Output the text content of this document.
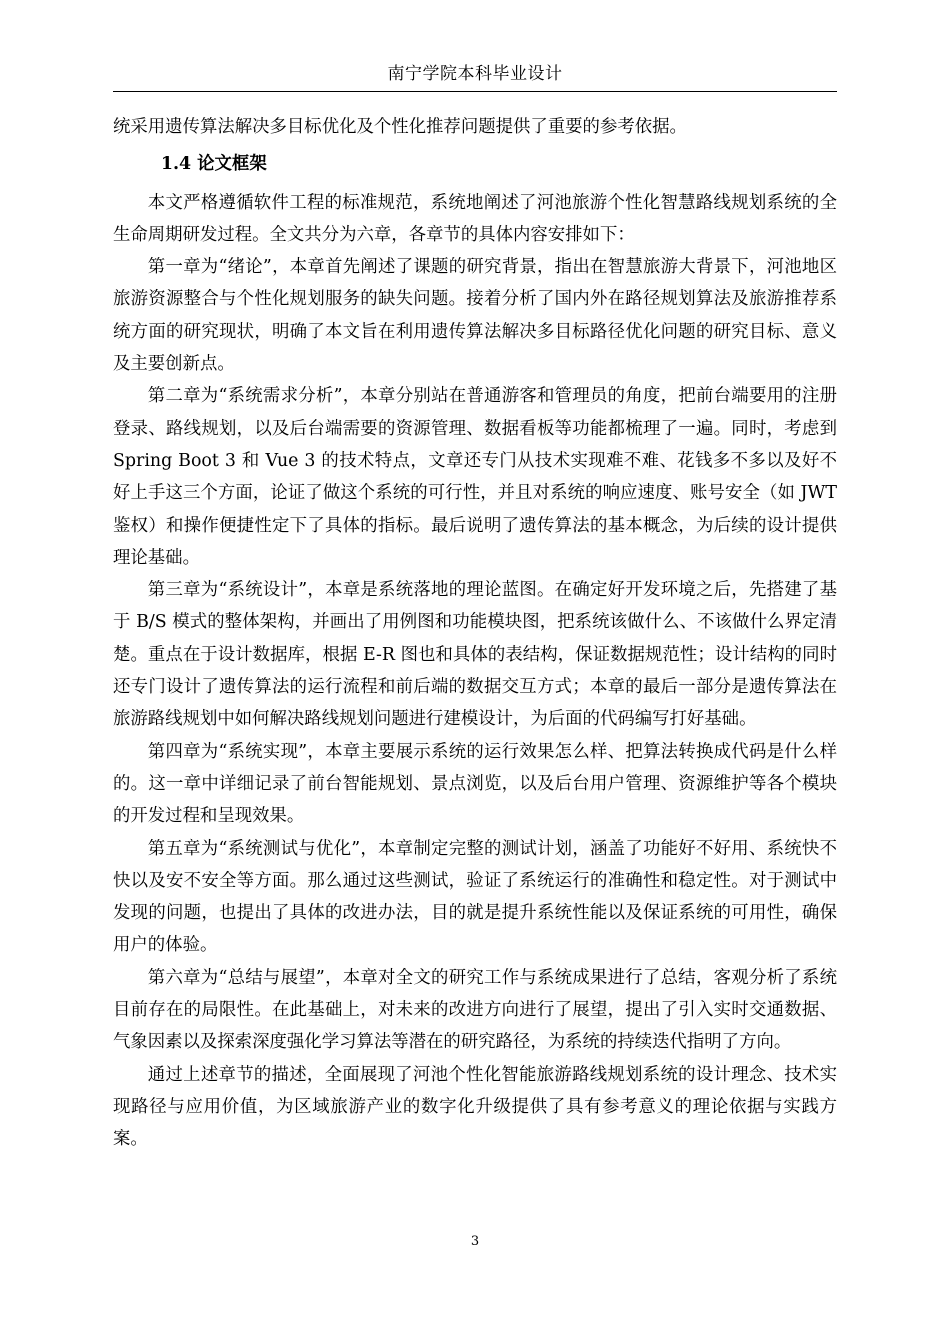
南宁学院本科毕业设计

统采用遗传算法解决多目标优化及个性化推荐问题提供了重要的参考依据。

1.4 论文框架

本文严格遵循软件工程的标准规范，系统地阐述了河池旅游个性化智慧路线规划系统的全生命周期研发过程。全文共分为六章，各章节的具体内容安排如下：

第一章为“绪论”，本章首先阐述了课题的研究背景，指出在智慧旅游大背景下，河池地区旅游资源整合与个性化规划服务的缺失问题。接着分析了国内外在路径规划算法及旅游推荐系统方面的研究现状，明确了本文旨在利用遗传算法解决多目标路径优化问题的研究目标、意义及主要创新点。

第二章为“系统需求分析”，本章分别站在普通游客和管理员的角度，把前台端要用的注册登录、路线规划，以及后台端需要的资源管理、数据看板等功能都梳理了一遍。同时，考虑到 Spring Boot 3 和 Vue 3 的技术特点，文章还专门从技术实现难不难、花钱多不多以及好不好上手这三个方面，论证了做这个系统的可行性，并且对系统的响应速度、账号安全（如 JWT 鉴权）和操作便捷性定下了具体的指标。最后说明了遗传算法的基本概念，为后续的设计提供理论基础。

第三章为“系统设计”，本章是系统落地的理论蓝图。在确定好开发环境之后，先搭建了基于 B/S 模式的整体架构，并画出了用例图和功能模块图，把系统该做什么、不该做什么界定清楚。重点在于设计数据库，根据 E-R 图也和具体的表结构，保证数据规范性；设计结构的同时还专门设计了遗传算法的运行流程和前后端的数据交互方式；本章的最后一部分是遗传算法在旅游路线规划中如何解决路线规划问题进行建模设计，为后面的代码编写打好基础。

第四章为“系统实现”，本章主要展示系统的运行效果怎么样、把算法转换成代码是什么样的。这一章中详细记录了前台智能规划、景点浏览，以及后台用户管理、资源维护等各个模块的开发过程和呈现效果。

第五章为“系统测试与优化”，本章制定完整的测试计划，涵盖了功能好不好用、系统快不快以及安不安全等方面。那么通过这些测试，验证了系统运行的准确性和稳定性。对于测试中发现的问题，也提出了具体的改进办法，目的就是提升系统性能以及保证系统的可用性，确保用户的体验。

第六章为“总结与展望”，本章对全文的研究工作与系统成果进行了总结，客观分析了系统目前存在的局限性。在此基础上，对未来的改进方向进行了展望，提出了引入实时交通数据、气象因素以及探索深度强化学习算法等潜在的研究路径，为系统的持续迭代指明了方向。

通过上述章节的描述，全面展现了河池个性化智能旅游路线规划系统的设计理念、技术实现路径与应用价值，为区域旅游产业的数字化升级提供了具有参考意义的理论依据与实践方案。

3
